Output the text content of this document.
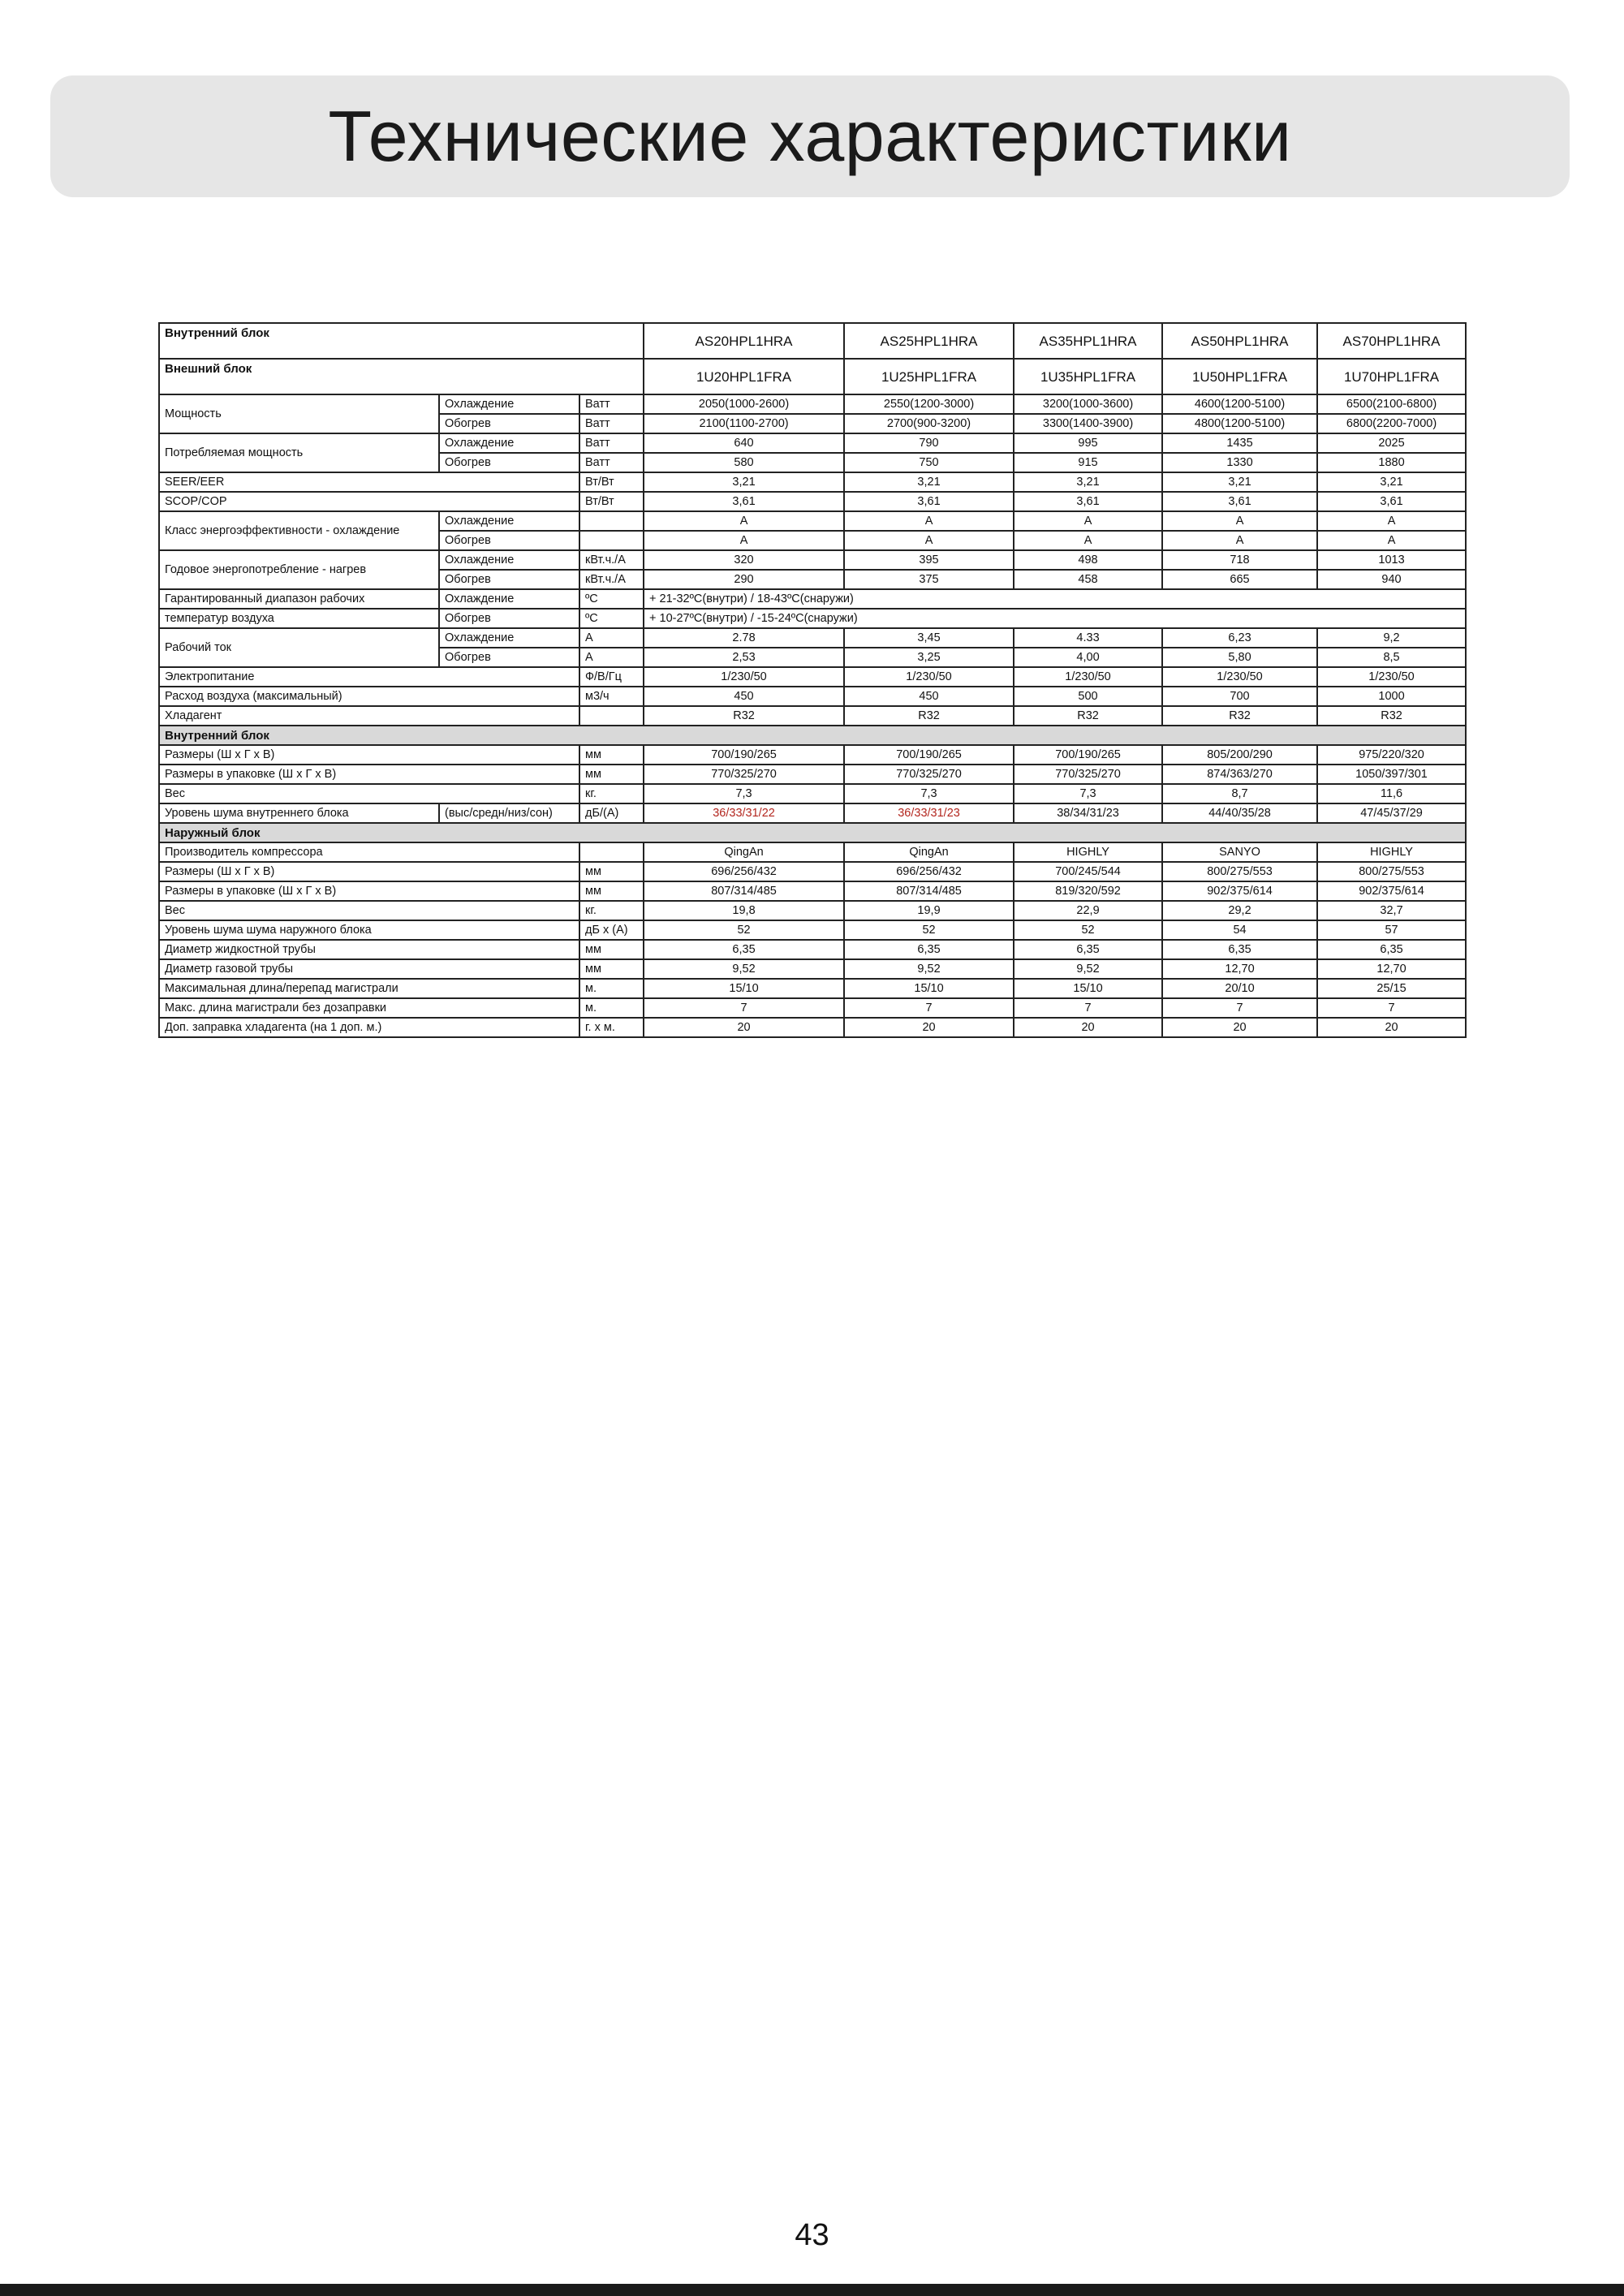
Технические характеристики
Внутренний блок			AS20HPL1HRA	AS25HPL1HRA	AS35HPL1HRA	AS50HPL1HRA	AS70HPL1HRA
Внешний блок			1U20HPL1FRA	1U25HPL1FRA	1U35HPL1FRA	1U50HPL1FRA	1U70HPL1FRA
Мощность	Охлаждение	Ватт	2050(1000-2600)	2550(1200-3000)	3200(1000-3600)	4600(1200-5100)	6500(2100-6800)
	Обогрев	Ватт	2100(1100-2700)	2700(900-3200)	3300(1400-3900)	4800(1200-5100)	6800(2200-7000)
Потребляемая мощность	Охлаждение	Ватт	640	790	995	1435	2025
	Обогрев	Ватт	580	750	915	1330	1880
SEER/EER		Вт/Вт	3,21	3,21	3,21	3,21	3,21
SCOP/COP		Вт/Вт	3,61	3,61	3,61	3,61	3,61
Класс энергоэффективности - охлаждение	Охлаждение		A	A	A	A	A
	Обогрев		A	A	A	A	A
Годовое энергопотребление - нагрев	Охлаждение	кВт.ч./А	320	395	498	718	1013
	Обогрев	кВт.ч./А	290	375	458	665	940
Гарантированный диапазон рабочих	Охлаждение	ºС	+ 21-32ºС(внутри) / 18-43ºС(снаружи)				
температур воздуха	Обогрев	ºС	+ 10-27ºС(внутри) / -15-24ºС(снаружи)				
Рабочий ток	Охлаждение	А	2.78	3,45	4.33	6,23	9,2
	Обогрев	А	2,53	3,25	4,00	5,80	8,5
Электропитание		Ф/В/Гц	1/230/50	1/230/50	1/230/50	1/230/50	1/230/50
Расход воздуха (максимальный)		м3/ч	450	450	500	700	1000
Хладагент			R32	R32	R32	R32	R32
Внутренний блок							
Размеры (Ш х Г х В)		мм	700/190/265	700/190/265	700/190/265	805/200/290	975/220/320
Размеры в упаковке (Ш х Г х В)		мм	770/325/270	770/325/270	770/325/270	874/363/270	1050/397/301
Вес		кг.	7,3	7,3	7,3	8,7	11,6
Уровень шума внутреннего блока	(выс/средн/низ/сон)	дБ/(А)	36/33/31/22	36/33/31/23	38/34/31/23	44/40/35/28	47/45/37/29
Наружный блок							
Производитель компрессора			QingAn	QingAn	HIGHLY	SANYO	HIGHLY
Размеры (Ш х Г х В)		мм	696/256/432	696/256/432	700/245/544	800/275/553	800/275/553
Размеры в упаковке (Ш х Г х В)		мм	807/314/485	807/314/485	819/320/592	902/375/614	902/375/614
Вес		кг.	19,8	19,9	22,9	29,2	32,7
Уровень шума шума наружного блока		дБ х (А)	52	52	52	54	57
Диаметр жидкостной трубы		мм	6,35	6,35	6,35	6,35	6,35
Диаметр газовой трубы		мм	9,52	9,52	9,52	12,70	12,70
Максимальная длина/перепад магистрали		м.	15/10	15/10	15/10	20/10	25/15
Макс. длина магистрали без дозаправки		м.	7	7	7	7	7
Доп. заправка хладагента (на 1 доп. м.)		г. х м.	20	20	20	20	20
43
